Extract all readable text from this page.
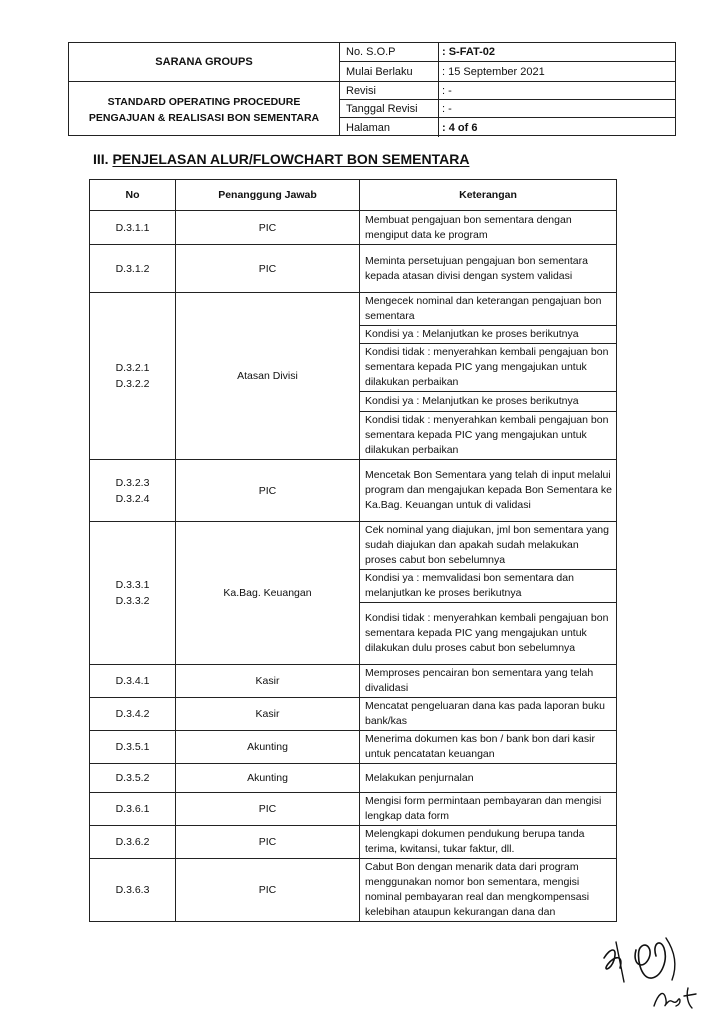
SARANA GROUPS
STANDARD OPERATING PROCEDURE
PENGAJUAN & REALISASI BON SEMENTARA
No. S.O.P	: S-FAT-02
Mulai Berlaku	: 15 September 2021
Revisi	: -
Tanggal Revisi	: -
Halaman	: 4 of 6
III. PENJELASAN ALUR/FLOWCHART BON SEMENTARA
No	Penanggung Jawab	Keterangan
D.3.1.1	PIC	Membuat pengajuan bon sementara dengan mengiput data ke program
D.3.1.2	PIC	Meminta persetujuan pengajuan bon sementara kepada atasan divisi dengan system validasi

D.3.2.1
D.3.2.2	Atasan Divisi	Mengecek nominal dan keterangan pengajuan bon sementara
		Kondisi ya : Melanjutkan ke proses berikutnya
		Kondisi tidak : menyerahkan kembali pengajuan bon sementara kepada PIC yang mengajukan untuk dilakukan perbaikan
		Kondisi ya : Melanjutkan ke proses berikutnya
		Kondisi tidak : menyerahkan kembali pengajuan bon sementara kepada PIC yang mengajukan untuk dilakukan perbaikan

D.3.2.3
D.3.2.4	PIC	Mencetak Bon Sementara yang telah di input melalui program dan mengajukan kepada Bon Sementara ke Ka.Bag. Keuangan untuk di validasi

D.3.3.1
D.3.3.2	Ka.Bag. Keuangan	Cek nominal yang diajukan, jml bon sementara yang sudah diajukan dan apakah sudah melakukan proses cabut bon sebelumnya
		Kondisi ya : memvalidasi bon sementara dan melanjutkan ke proses berikutnya
		Kondisi tidak : menyerahkan kembali pengajuan bon sementara kepada PIC yang mengajukan untuk dilakukan dulu proses cabut bon sebelumnya
D.3.4.1	Kasir	Memproses pencairan bon sementara yang telah divalidasi
D.3.4.2	Kasir	Mencatat pengeluaran dana kas pada laporan buku bank/kas
D.3.5.1	Akunting	Menerima dokumen kas bon / bank bon dari kasir untuk pencatatan keuangan
D.3.5.2	Akunting	Melakukan penjurnalan
D.3.6.1	PIC	Mengisi form permintaan pembayaran dan mengisi lengkap data form
D.3.6.2	PIC	Melengkapi dokumen pendukung berupa tanda terima, kwitansi, tukar faktur, dll.
D.3.6.3	PIC	Cabut Bon dengan menarik data dari program menggunakan nomor bon sementara, mengisi nominal pembayaran real dan mengkompensasi kelebihan ataupun kekurangan dana dan
